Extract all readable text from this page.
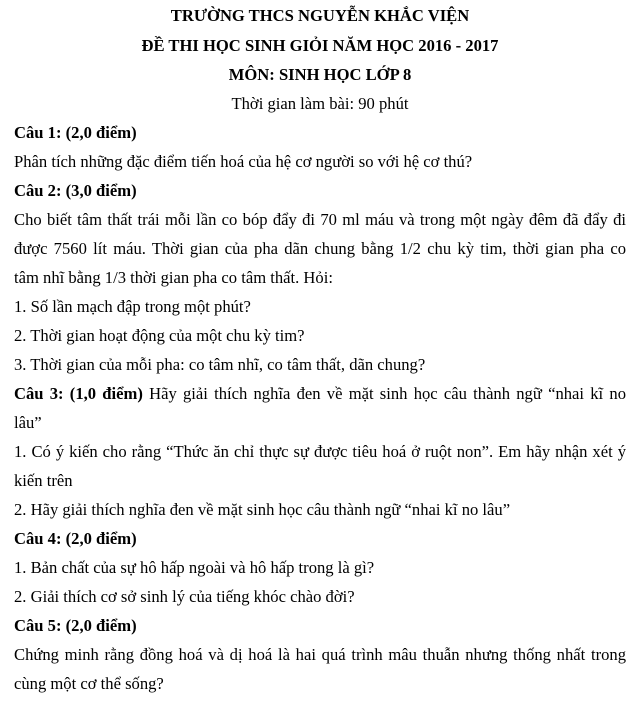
TRƯỜNG THCS NGUYỄN KHẮC VIỆN
ĐỀ THI HỌC SINH GIỎI NĂM HỌC 2016 - 2017
MÔN: SINH HỌC LỚP 8
Thời gian làm bài: 90 phút
Câu 1: (2,0 điểm)
Phân tích những đặc điểm tiến hoá của hệ cơ người so với hệ cơ thú?
Câu 2: (3,0 điểm)
Cho biết tâm thất trái mỗi lần co bóp đẩy đi 70 ml máu và trong một ngày đêm đã đẩy đi
được 7560 lít máu. Thời gian của pha dãn chung bằng 1/2 chu kỳ tim, thời gian pha co
tâm nhĩ bằng 1/3 thời gian pha co tâm thất. Hỏi:
1. Số lần mạch đập trong một phút?
2. Thời gian hoạt động của một chu kỳ tim?
3. Thời gian của mỗi pha: co tâm nhĩ, co tâm thất, dãn chung?
Câu 3: (1,0 điểm) Hãy giải thích nghĩa đen về mặt sinh học câu thành ngữ “nhai kĩ no
lâu”
1. Có ý kiến cho rằng “Thức ăn chỉ thực sự được tiêu hoá ở ruột non”. Em hãy nhận xét ý
kiến trên
2. Hãy giải thích nghĩa đen về mặt sinh học câu thành ngữ “nhai kĩ no lâu”
Câu 4: (2,0 điểm)
1. Bản chất của sự hô hấp ngoài và hô hấp trong là gì?
2. Giải thích cơ sở sinh lý của tiếng khóc chào đời?
Câu 5: (2,0 điểm)
Chứng minh rằng đồng hoá và dị hoá là hai quá trình mâu thuẫn nhưng thống nhất trong
cùng một cơ thể sống?
